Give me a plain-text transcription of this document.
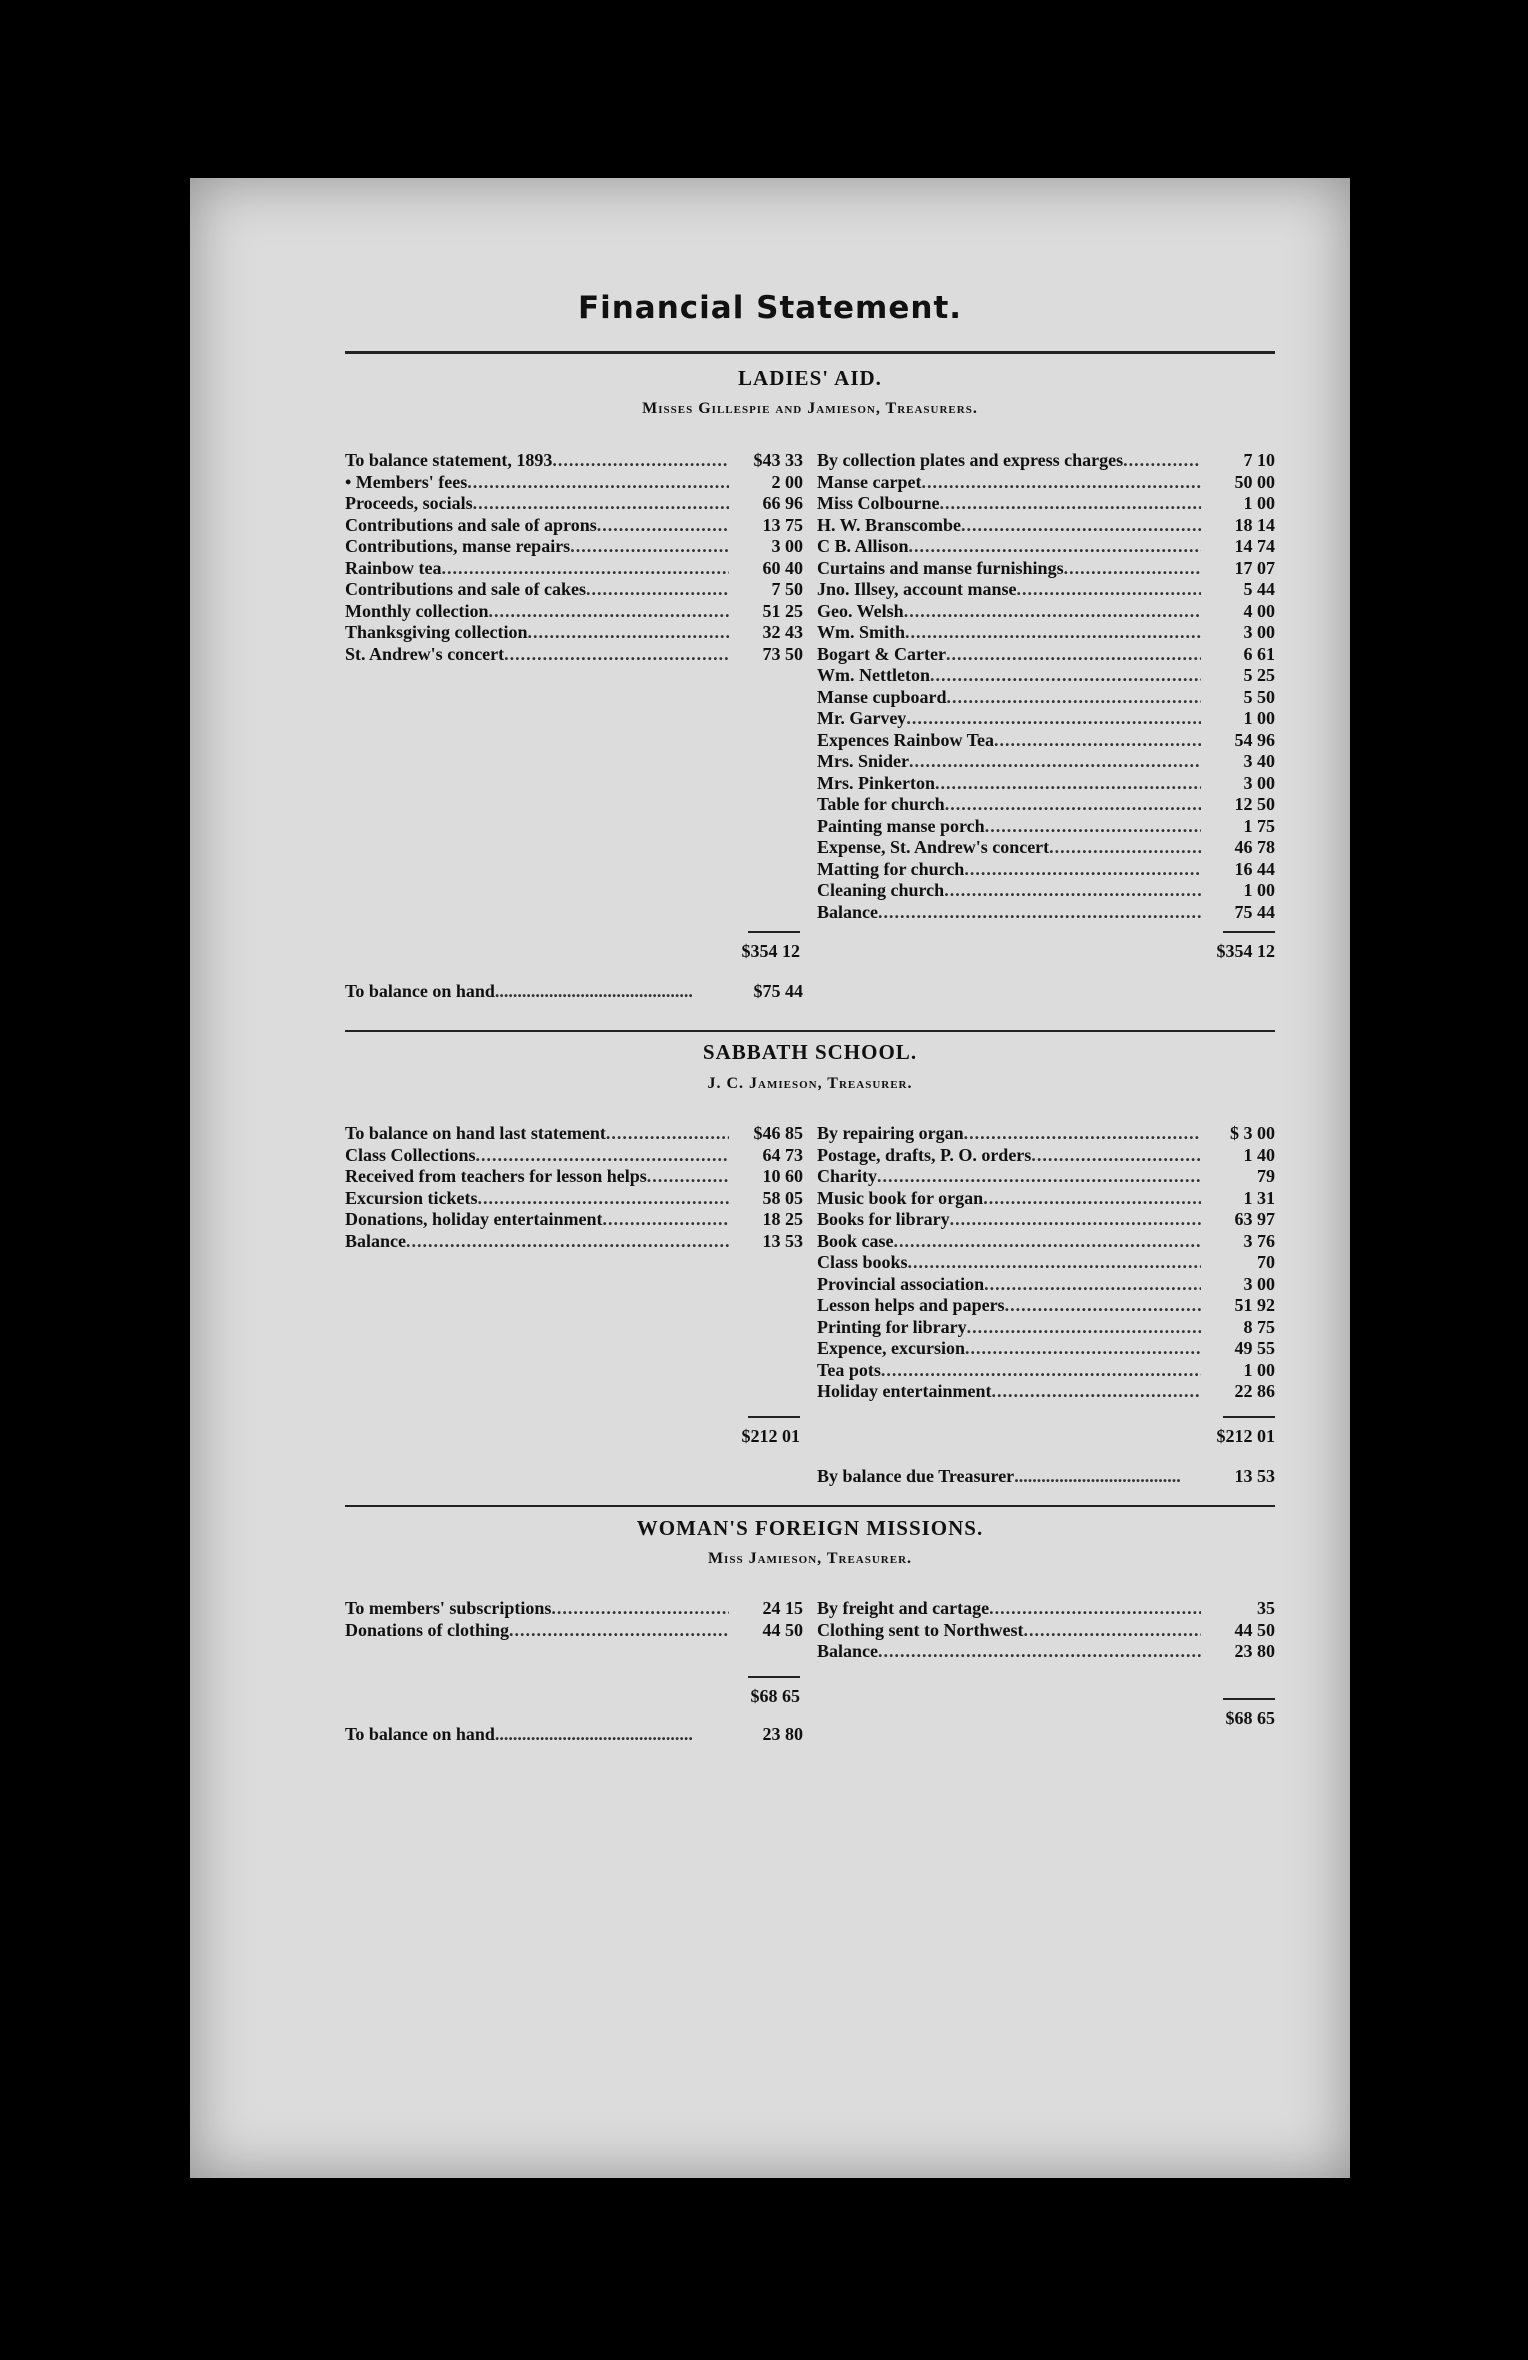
Financial Statement.
LADIES' AID.
Misses Gillespie and Jamieson, Treasurers.
To balance statement, 1893 .....	$43 33
• Members' fees .....	2 00
Proceeds, socials .....	66 96
Contributions and sale of aprons .....	13 75
Contributions, manse repairs .....	3 00
Rainbow tea .....	60 40
Contributions and sale of cakes .....	7 50
Monthly collection .....	51 25
Thanksgiving collection .....	32 43
St. Andrew's concert .....	73 50
By collection plates and express charges .....	7 10
Manse carpet .....	50 00
Miss Colbourne .....	1 00
H. W. Branscombe .....	18 14
C B. Allison .....	14 74
Curtains and manse furnishings .....	17 07
Jno. Illsey, account manse .....	5 44
Geo. Welsh .....	4 00
Wm. Smith .....	3 00
Bogart & Carter .....	6 61
Wm. Nettleton .....	5 25
Manse cupboard .....	5 50
Mr. Garvey .....	1 00
Expences Rainbow Tea .....	54 96
Mrs. Snider .....	3 40
Mrs. Pinkerton .....	3 00
Table for church .....	12 50
Painting manse porch .....	1 75
Expense, St. Andrew's concert .....	46 78
Matting for church .....	16 44
Cleaning church .....	1 00
Balance .....	75 44
$354 12	$354 12
To balance on hand ............................................	$75 44
SABBATH SCHOOL.
J. C. Jamieson, Treasurer.
To balance on hand last statement .....	$46 85
Class Collections .....	64 73
Received from teachers for lesson helps .....	10 60
Excursion tickets .....	58 05
Donations, holiday entertainment .....	18 25
Balance .....	13 53
By repairing organ .....	$ 3 00
Postage, drafts, P. O. orders .....	1 40
Charity .....	79
Music book for organ .....	1 31
Books for library .....	63 97
Book case .....	3 76
Class books .....	70
Provincial association .....	3 00
Lesson helps and papers .....	51 92
Printing for library .....	8 75
Expence, excursion .....	49 55
Tea pots .....	1 00
Holiday entertainment .....	22 86
$212 01	$212 01
By balance due Treasurer .....................................	13 53
WOMAN'S FOREIGN MISSIONS.
Miss Jamieson, Treasurer.
To members' subscriptions .....	24 15
Donations of clothing .....	44 50
By freight and cartage .....	35
Clothing sent to Northwest .....	44 50
Balance .....	23 80
$68 65
$68 65
To balance on hand ............................................	23 80
